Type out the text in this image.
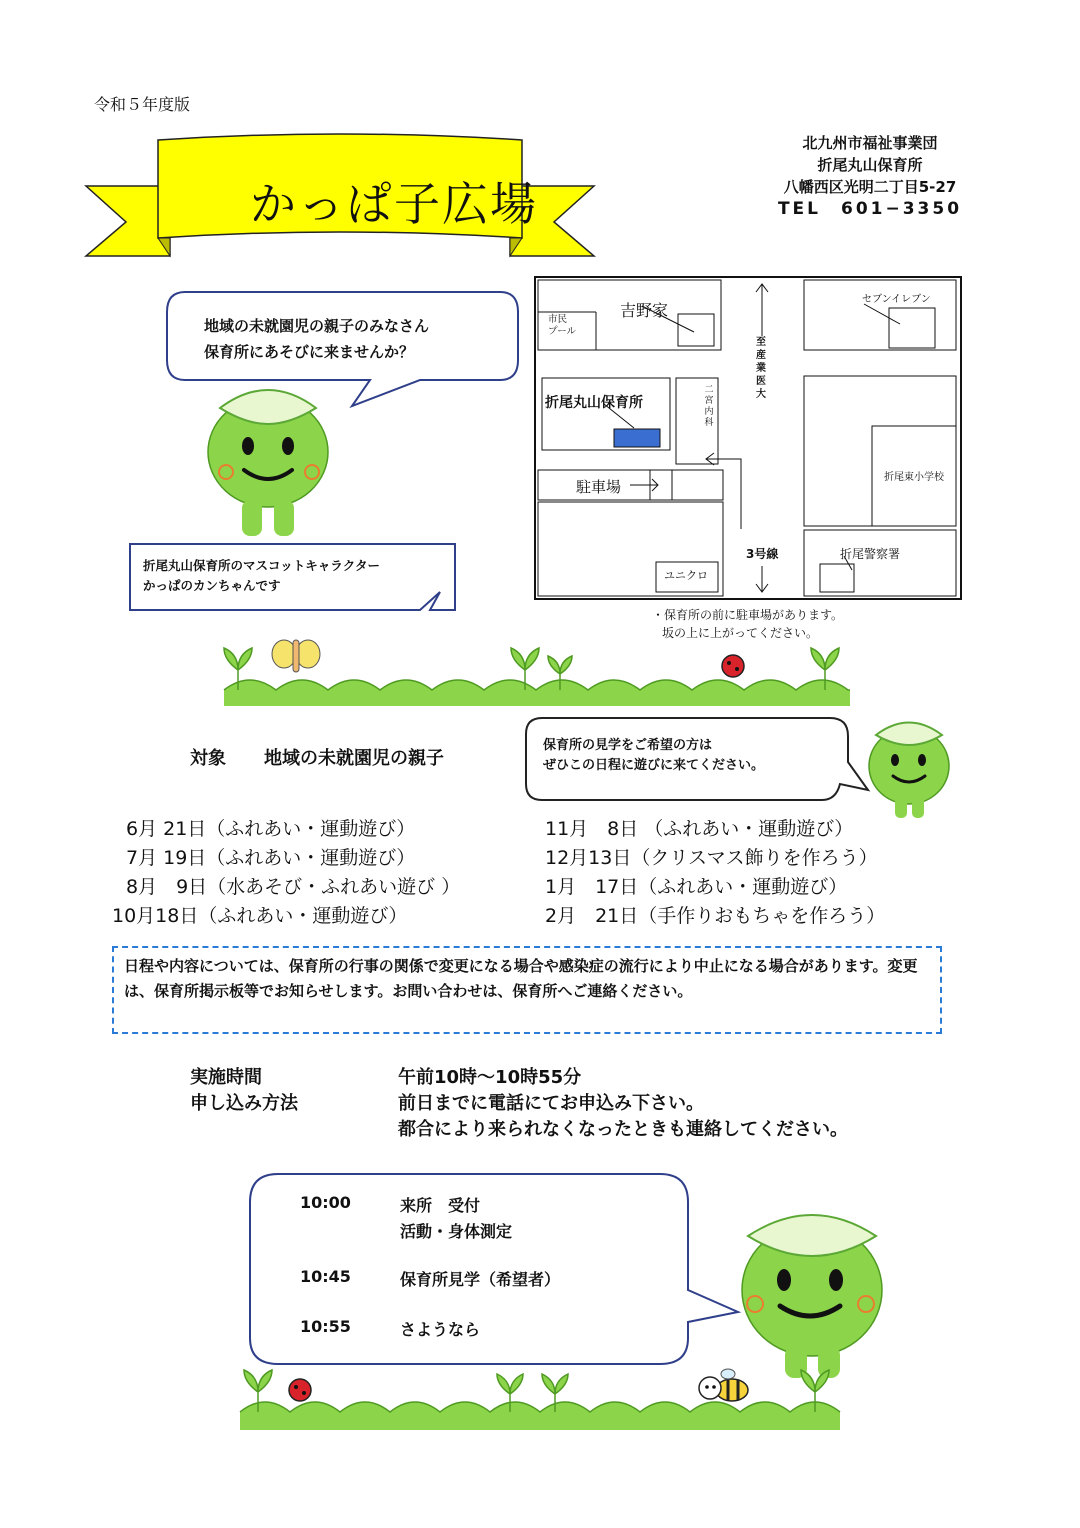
令和５年度版
かっぱ子広場
北九州市福祉事業団
折尾丸山保育所
八幡西区光明二丁目5-27
TEL　601−3350
地域の未就園児の親子のみなさん
保育所にあそびに来ませんか？
折尾丸山保育所のマスコットキャラクター
かっぱのカンちゃんです
吉野家
市民
プール
セブンイレブン
折尾丸山保育所
二
宮
内
科
至
産
業
医
大
折尾東小学校
駐車場
3号線	折尾警察署
ユニクロ
・保育所の前に駐車場があります。
坂の上に上がってください。
対象 地域の未就園児の親子
保育所の見学をご希望の方は
ぜひこの日程に遊びに来てください。
6月 21日（ふれあい・運動遊び）
7月 19日（ふれあい・運動遊び）
8月　9日（水あそび・ふれあい遊び ）
10月18日（ふれあい・運動遊び）
11月　8日 （ふれあい・運動遊び）
12月13日（クリスマス飾りを作ろう）
1月　17日（ふれあい・運動遊び）
2月　21日（手作りおもちゃを作ろう）
日程や内容については、保育所の行事の関係で変更になる場合や感染症の流行により中止になる場合があります。変更は、保育所掲示板等でお知らせします。お問い合わせは、保育所へご連絡ください。
実施時間	午前10時～10時55分
申し込み方法	前日までに電話にてお申込み下さい。
都合により来られなくなったときも連絡してください。
10:00	来所　受付
活動・身体測定
10:45	保育所見学（希望者）
10:55	さようなら
